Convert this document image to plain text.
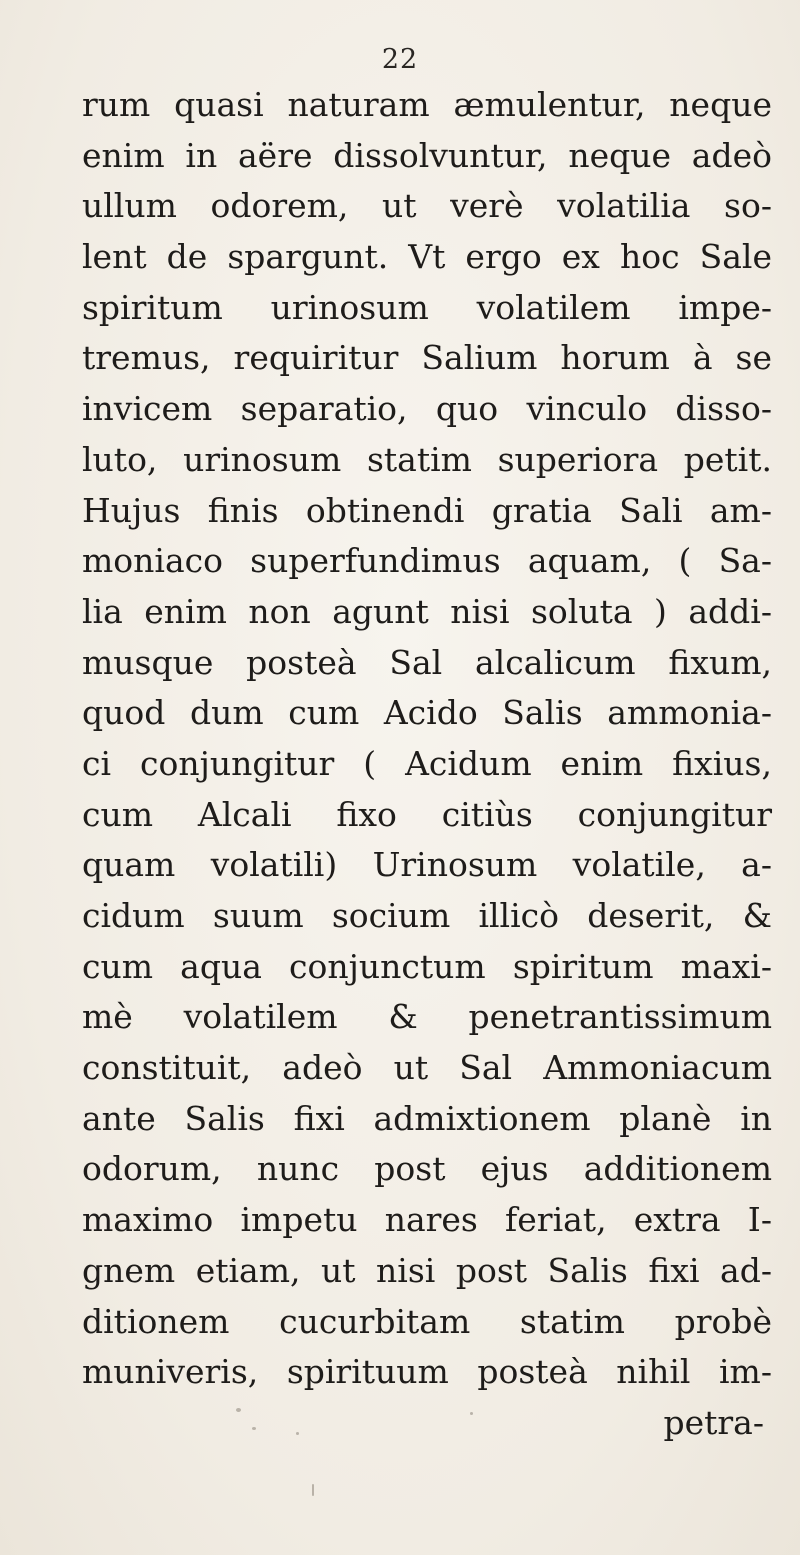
22
rum quasi naturam æmulentur, neque
enim in aëre dissolvuntur, neque adeò
ullum odorem, ut verè volatilia so-
lent de spargunt. Vt ergo ex hoc Sale
spiritum urinosum volatilem impe-
tremus, requiritur Salium horum à se
invicem separatio, quo vinculo disso-
luto, urinosum statim superiora petit.
Hujus finis obtinendi gratia Sali am-
moniaco superfundimus aquam, ( Sa-
lia enim non agunt nisi soluta ) addi-
musque posteà Sal alcalicum fixum,
quod dum cum Acido Salis ammonia-
ci conjungitur ( Acidum enim fixius,
cum Alcali fixo citiùs conjungitur
quam volatili) Urinosum volatile, a-
cidum suum socium illicò deserit, &
cum aqua conjunctum spiritum maxi-
mè volatilem & penetrantissimum
constituit, adeò ut Sal Ammoniacum
ante Salis fixi admixtionem planè in
odorum, nunc post ejus additionem
maximo impetu nares feriat, extra I-
gnem etiam, ut nisi post Salis fixi ad-
ditionem cucurbitam statim probè
muniveris, spirituum posteà nihil im-
petra-
